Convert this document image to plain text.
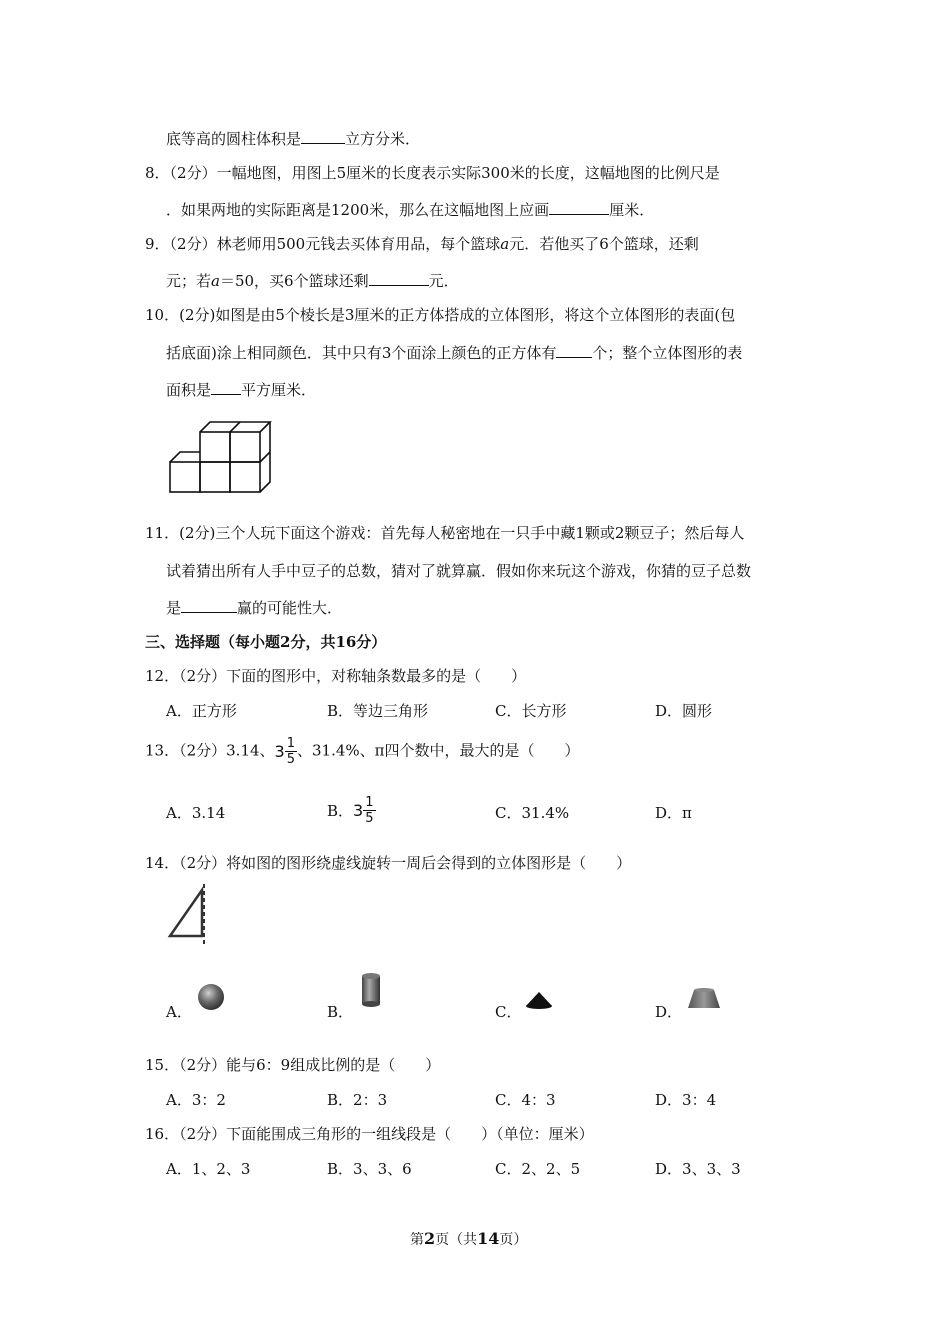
底等高的圆柱体积是	立方分米．
8．（2分）一幅地图，用图上5厘米的长度表示实际300米的长度，这幅地图的比例尺是
．如果两地的实际距离是1200米，那么在这幅地图上应画	厘米．
9．（2分）林老师用500元钱去买体育用品，每个篮球a元．若他买了6个篮球，还剩
元；若a＝50，买6个篮球还剩	元．
10．(2分)如图是由5个棱长是3厘米的正方体搭成的立体图形，将这个立体图形的表面(包
括底面)涂上相同颜色．其中只有3个面涂上颜色的正方体有 个；整个立体图形的表
面积是 平方厘米．
11．(2分)三个人玩下面这个游戏：首先每人秘密地在一只手中藏1颗或2颗豆子；然后每人
试着猜出所有人手中豆子的总数，猜对了就算赢．假如你来玩这个游戏，你猜的豆子总数
是	赢的可能性大．
三、选择题（每小题2分，共16分）
12．（2分）下面的图形中，对称轴条数最多的是（　　）
A．正方形	B．等边三角形	C．长方形	D．圆形
13．（2分）3.14、$3 \frac{1}{5}$ 、31.4%、π四个数中，最大的是（　　）
A．3.14	B．$3 \frac{1}{5}$	C．31.4%	D．π
14．（2分）将如图的图形绕虚线旋转一周后会得到的立体图形是（　　）
A．	B．	C．	D．
15．（2分）能与6：9组成比例的是（　　）
A．3：2	B．2：3	C．4：3	D．3：4
16．（2分）下面能围成三角形的一组线段是（　　）（单位：厘米）
A．1、2、3	B．3、3、6	C．2、2、5	D．3、3、3
第2页（共14页）
